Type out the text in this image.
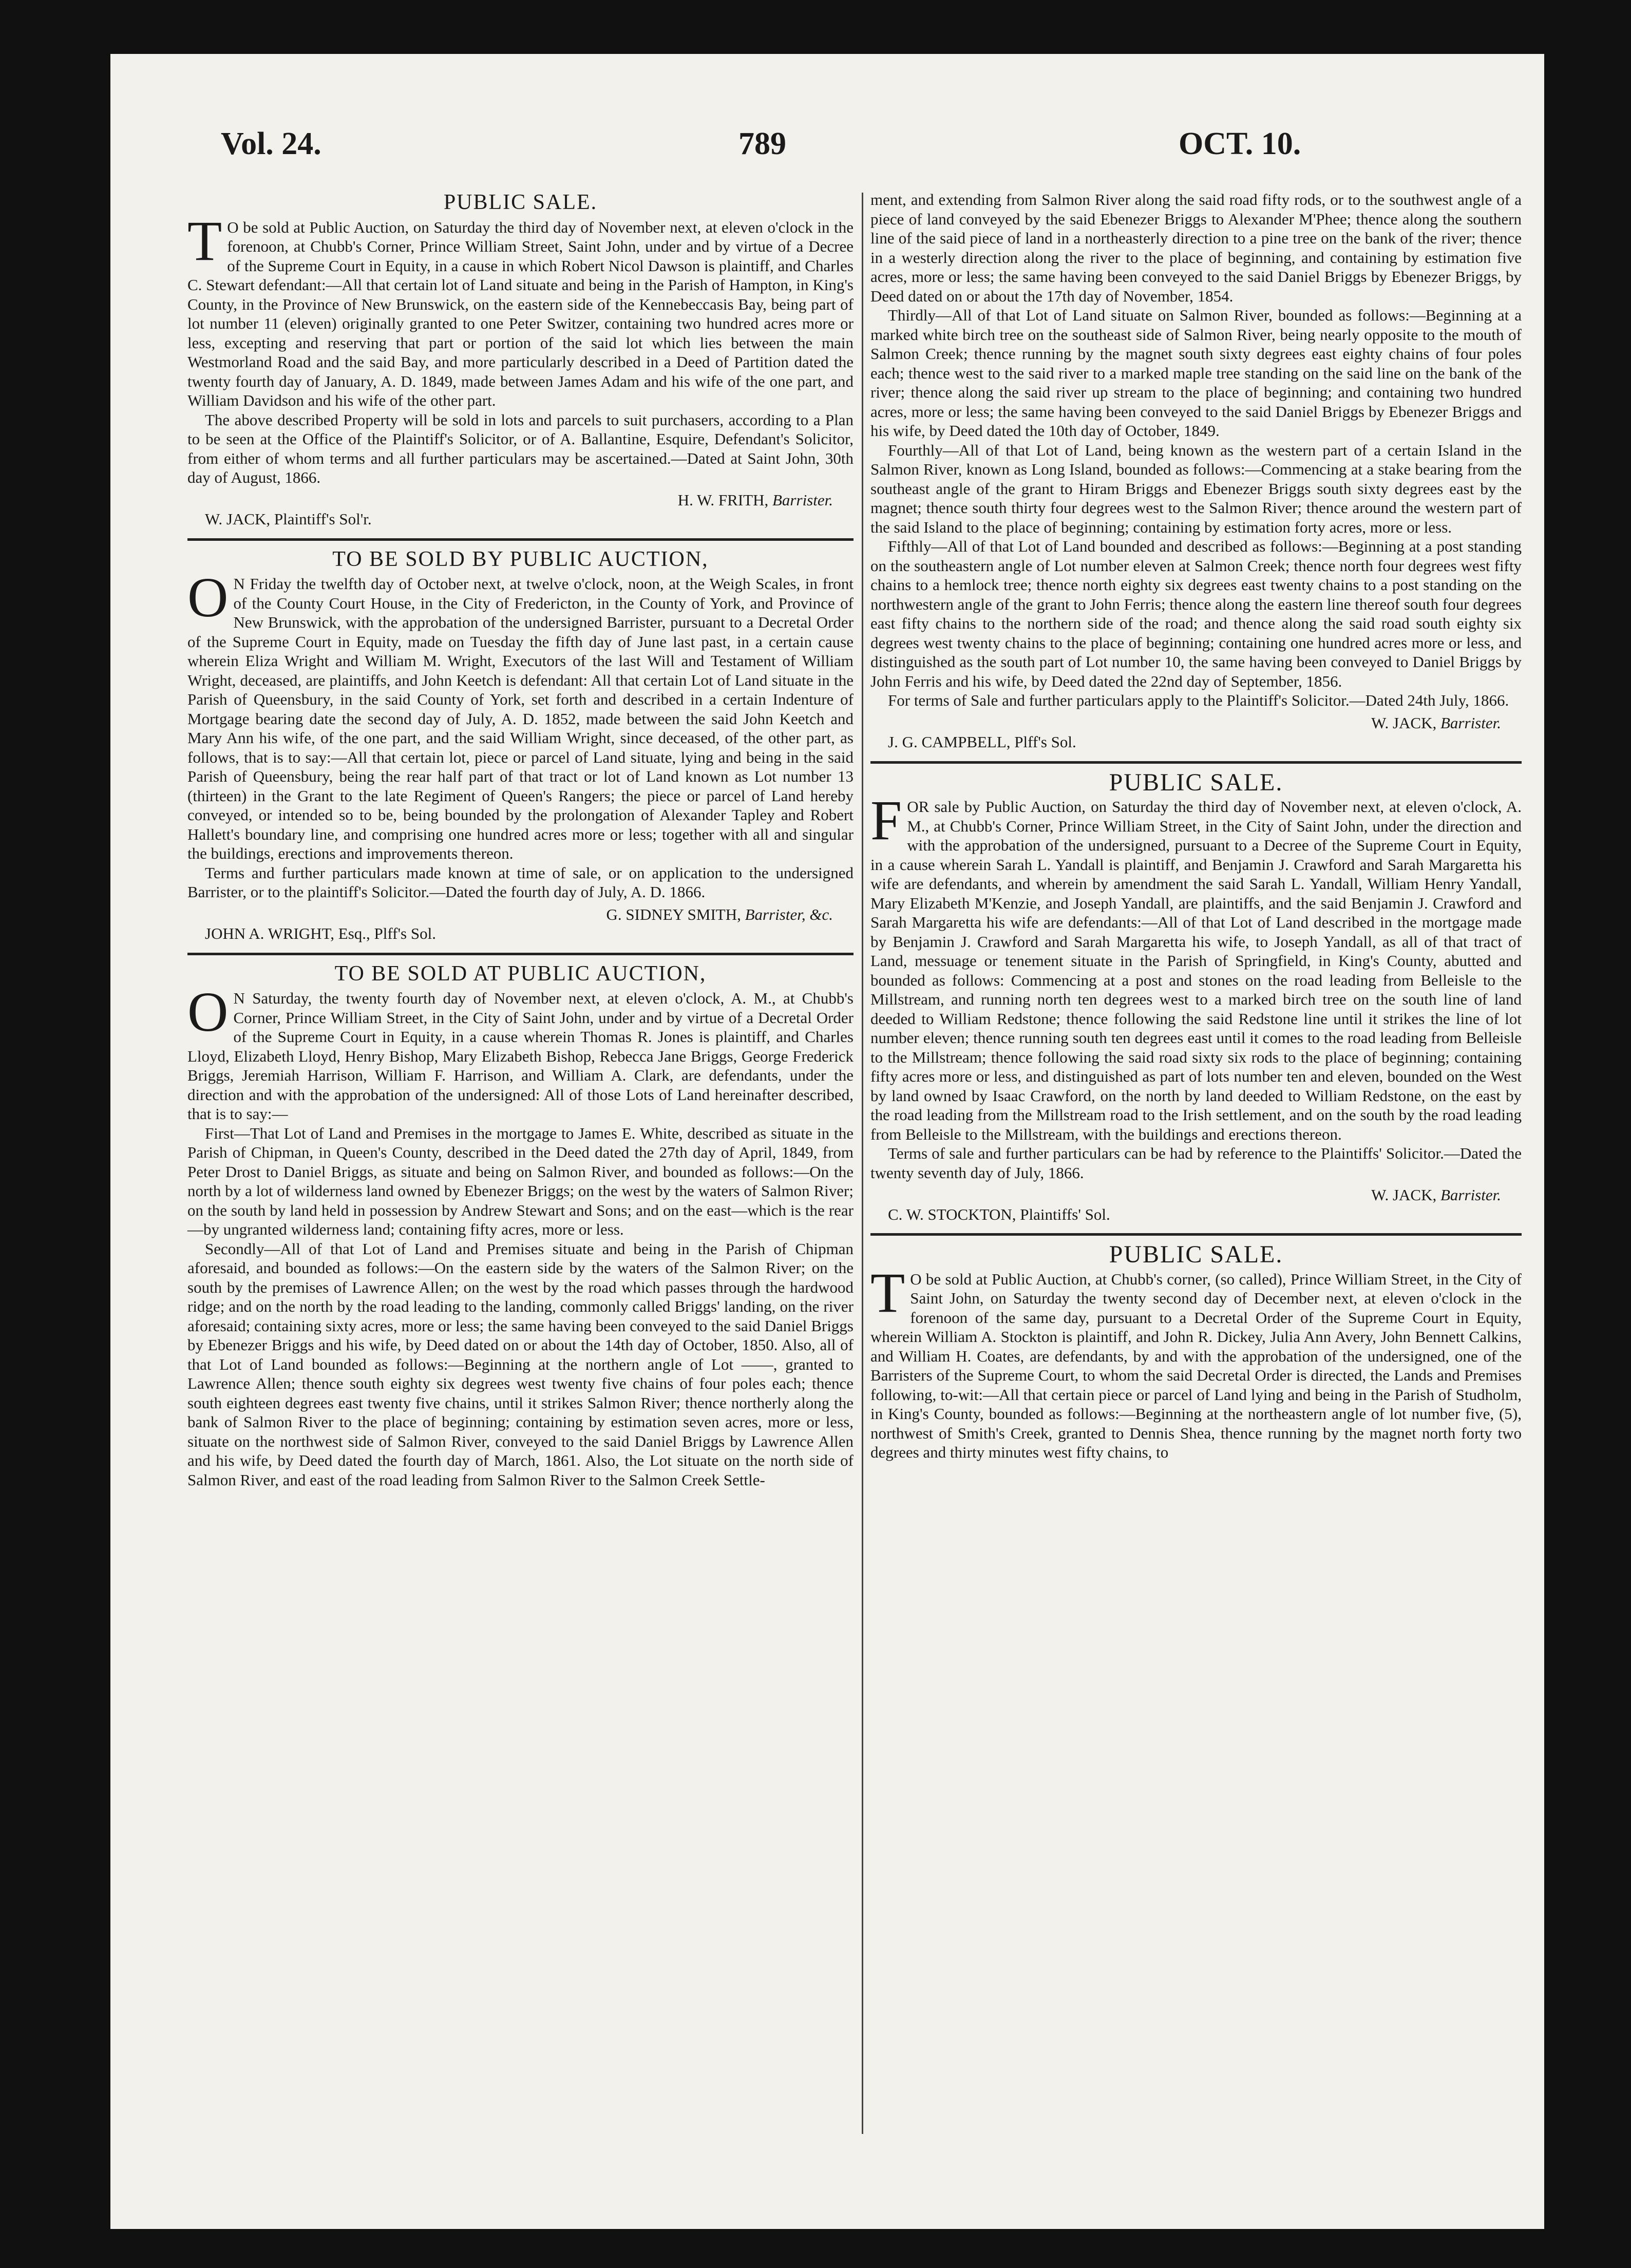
Vol. 24.	789	OCT. 10.
PUBLIC SALE.

T O be sold at Public Auction, on Saturday the third day of November next, at eleven o'clock in the forenoon, at Chubb's Corner, Prince William Street, Saint John, under and by virtue of a Decree of the Supreme Court in Equity, in a cause in which Robert Nicol Dawson is plaintiff, and Charles C. Stewart defendant:—All that certain lot of Land situate and being in the Parish of Hampton, in King's County, in the Province of New Brunswick, on the eastern side of the Kennebeccasis Bay, being part of lot number 11 (eleven) originally granted to one Peter Switzer, containing two hundred acres more or less, excepting and reserving that part or portion of the said lot which lies between the main Westmorland Road and the said Bay, and more particularly described in a Deed of Partition dated the twenty fourth day of January, A. D. 1849, made between James Adam and his wife of the one part, and William Davidson and his wife of the other part.

The above described Property will be sold in lots and parcels to suit purchasers, according to a Plan to be seen at the Office of the Plaintiff's Solicitor, or of A. Ballantine, Esquire, Defendant's Solicitor, from either of whom terms and all further particulars may be ascertained.—Dated at Saint John, 30th day of August, 1866.

H. W. FRITH, Barrister.

W. JACK, Plaintiff's Sol'r.

TO BE SOLD BY PUBLIC AUCTION,

O N Friday the twelfth day of October next, at twelve o'clock, noon, at the Weigh Scales, in front of the County Court House, in the City of Fredericton, in the County of York, and Province of New Brunswick, with the approbation of the undersigned Barrister, pursuant to a Decretal Order of the Supreme Court in Equity, made on Tuesday the fifth day of June last past, in a certain cause wherein Eliza Wright and William M. Wright, Executors of the last Will and Testament of William Wright, deceased, are plaintiffs, and John Keetch is defendant: All that certain Lot of Land situate in the Parish of Queensbury, in the said County of York, set forth and described in a certain Indenture of Mortgage bearing date the second day of July, A. D. 1852, made between the said John Keetch and Mary Ann his wife, of the one part, and the said William Wright, since deceased, of the other part, as follows, that is to say:—All that certain lot, piece or parcel of Land situate, lying and being in the said Parish of Queensbury, being the rear half part of that tract or lot of Land known as Lot number 13 (thirteen) in the Grant to the late Regiment of Queen's Rangers; the piece or parcel of Land hereby conveyed, or intended so to be, being bounded by the prolongation of Alexander Tapley and Robert Hallett's boundary line, and comprising one hundred acres more or less; together with all and singular the buildings, erections and improvements thereon.

Terms and further particulars made known at time of sale, or on application to the undersigned Barrister, or to the plaintiff's Solicitor.—Dated the fourth day of July, A. D. 1866.

G. SIDNEY SMITH, Barrister, &c.

JOHN A. WRIGHT, Esq., Plff's Sol.

TO BE SOLD AT PUBLIC AUCTION,

O N Saturday, the twenty fourth day of November next, at eleven o'clock, A. M., at Chubb's Corner, Prince William Street, in the City of Saint John, under and by virtue of a Decretal Order of the Supreme Court in Equity, in a cause wherein Thomas R. Jones is plaintiff, and Charles Lloyd, Elizabeth Lloyd, Henry Bishop, Mary Elizabeth Bishop, Rebecca Jane Briggs, George Frederick Briggs, Jeremiah Harrison, William F. Harrison, and William A. Clark, are defendants, under the direction and with the approbation of the undersigned: All of those Lots of Land hereinafter described, that is to say:—

First—That Lot of Land and Premises in the mortgage to James E. White, described as situate in the Parish of Chipman, in Queen's County, described in the Deed dated the 27th day of April, 1849, from Peter Drost to Daniel Briggs, as situate and being on Salmon River, and bounded as follows:—On the north by a lot of wilderness land owned by Ebenezer Briggs; on the west by the waters of Salmon River; on the south by land held in possession by Andrew Stewart and Sons; and on the east—which is the rear—by ungranted wilderness land; containing fifty acres, more or less.

Secondly—All of that Lot of Land and Premises situate and being in the Parish of Chipman aforesaid, and bounded as follows:—On the eastern side by the waters of the Salmon River; on the south by the premises of Lawrence Allen; on the west by the road which passes through the hardwood ridge; and on the north by the road leading to the landing, commonly called Briggs' landing, on the river aforesaid; containing sixty acres, more or less; the same having been conveyed to the said Daniel Briggs by Ebenezer Briggs and his wife, by Deed dated on or about the 14th day of October, 1850. Also, all of that Lot of Land bounded as follows:—Beginning at the northern angle of Lot ——, granted to Lawrence Allen; thence south eighty six degrees west twenty five chains of four poles each; thence south eighteen degrees east twenty five chains, until it strikes Salmon River; thence northerly along the bank of Salmon River to the place of beginning; containing by estimation seven acres, more or less, situate on the northwest side of Salmon River, conveyed to the said Daniel Briggs by Lawrence Allen and his wife, by Deed dated the fourth day of March, 1861. Also, the Lot situate on the north side of Salmon River, and east of the road leading from Salmon River to the Salmon Creek Settle-

ment, and extending from Salmon River along the said road fifty rods, or to the southwest angle of a piece of land conveyed by the said Ebenezer Briggs to Alexander M'Phee; thence along the southern line of the said piece of land in a northeasterly direction to a pine tree on the bank of the river; thence in a westerly direction along the river to the place of beginning, and containing by estimation five acres, more or less; the same having been conveyed to the said Daniel Briggs by Ebenezer Briggs, by Deed dated on or about the 17th day of November, 1854.

Thirdly—All of that Lot of Land situate on Salmon River, bounded as follows:—Beginning at a marked white birch tree on the southeast side of Salmon River, being nearly opposite to the mouth of Salmon Creek; thence running by the magnet south sixty degrees east eighty chains of four poles each; thence west to the said river to a marked maple tree standing on the said line on the bank of the river; thence along the said river up stream to the place of beginning; and containing two hundred acres, more or less; the same having been conveyed to the said Daniel Briggs by Ebenezer Briggs and his wife, by Deed dated the 10th day of October, 1849.

Fourthly—All of that Lot of Land, being known as the western part of a certain Island in the Salmon River, known as Long Island, bounded as follows:—Commencing at a stake bearing from the southeast angle of the grant to Hiram Briggs and Ebenezer Briggs south sixty degrees east by the magnet; thence south thirty four degrees west to the Salmon River; thence around the western part of the said Island to the place of beginning; containing by estimation forty acres, more or less.

Fifthly—All of that Lot of Land bounded and described as follows:—Beginning at a post standing on the southeastern angle of Lot number eleven at Salmon Creek; thence north four degrees west fifty chains to a hemlock tree; thence north eighty six degrees east twenty chains to a post standing on the northwestern angle of the grant to John Ferris; thence along the eastern line thereof south four degrees east fifty chains to the northern side of the road; and thence along the said road south eighty six degrees west twenty chains to the place of beginning; containing one hundred acres more or less, and distinguished as the south part of Lot number 10, the same having been conveyed to Daniel Briggs by John Ferris and his wife, by Deed dated the 22nd day of September, 1856.

For terms of Sale and further particulars apply to the Plaintiff's Solicitor.—Dated 24th July, 1866.

W. JACK, Barrister.

J. G. CAMPBELL, Plff's Sol.

PUBLIC SALE.

FOR sale by Public Auction, on Saturday the third day of November next, at eleven o'clock, A. M., at Chubb's Corner, Prince William Street, in the City of Saint John, under the direction and with the approbation of the undersigned, pursuant to a Decree of the Supreme Court in Equity, in a cause wherein Sarah L. Yandall is plaintiff, and Benjamin J. Crawford and Sarah Margaretta his wife are defendants, and wherein by amendment the said Sarah L. Yandall, William Henry Yandall, Mary Elizabeth M'Kenzie, and Joseph Yandall, are plaintiffs, and the said Benjamin J. Crawford and Sarah Margaretta his wife are defendants:—All of that Lot of Land described in the mortgage made by Benjamin J. Crawford and Sarah Margaretta his wife, to Joseph Yandall, as all of that tract of Land, messuage or tenement situate in the Parish of Springfield, in King's County, abutted and bounded as follows: Commencing at a post and stones on the road leading from Belleisle to the Millstream, and running north ten degrees west to a marked birch tree on the south line of land deeded to William Redstone; thence following the said Redstone line until it strikes the line of lot number eleven; thence running south ten degrees east until it comes to the road leading from Belleisle to the Millstream; thence following the said road sixty six rods to the place of beginning; containing fifty acres more or less, and distinguished as part of lots number ten and eleven, bounded on the West by land owned by Isaac Crawford, on the north by land deeded to William Redstone, on the east by the road leading from the Millstream road to the Irish settlement, and on the south by the road leading from Belleisle to the Millstream, with the buildings and erections thereon.

Terms of sale and further particulars can be had by reference to the Plaintiffs' Solicitor.—Dated the twenty seventh day of July, 1866.

W. JACK, Barrister.

C. W. STOCKTON, Plaintiffs' Sol.

PUBLIC SALE.

T O be sold at Public Auction, at Chubb's corner, (so called), Prince William Street, in the City of Saint John, on Saturday the twenty second day of December next, at eleven o'clock in the forenoon of the same day, pursuant to a Decretal Order of the Supreme Court in Equity, wherein William A. Stockton is plaintiff, and John R. Dickey, Julia Ann Avery, John Bennett Calkins, and William H. Coates, are defendants, by and with the approbation of the undersigned, one of the Barristers of the Supreme Court, to whom the said Decretal Order is directed, the Lands and Premises following, to-wit:—All that certain piece or parcel of Land lying and being in the Parish of Studholm, in King's County, bounded as follows:—Beginning at the northeastern angle of lot number five, (5), northwest of Smith's Creek, granted to Dennis Shea, thence running by the magnet north forty two degrees and thirty minutes west fifty chains, to
